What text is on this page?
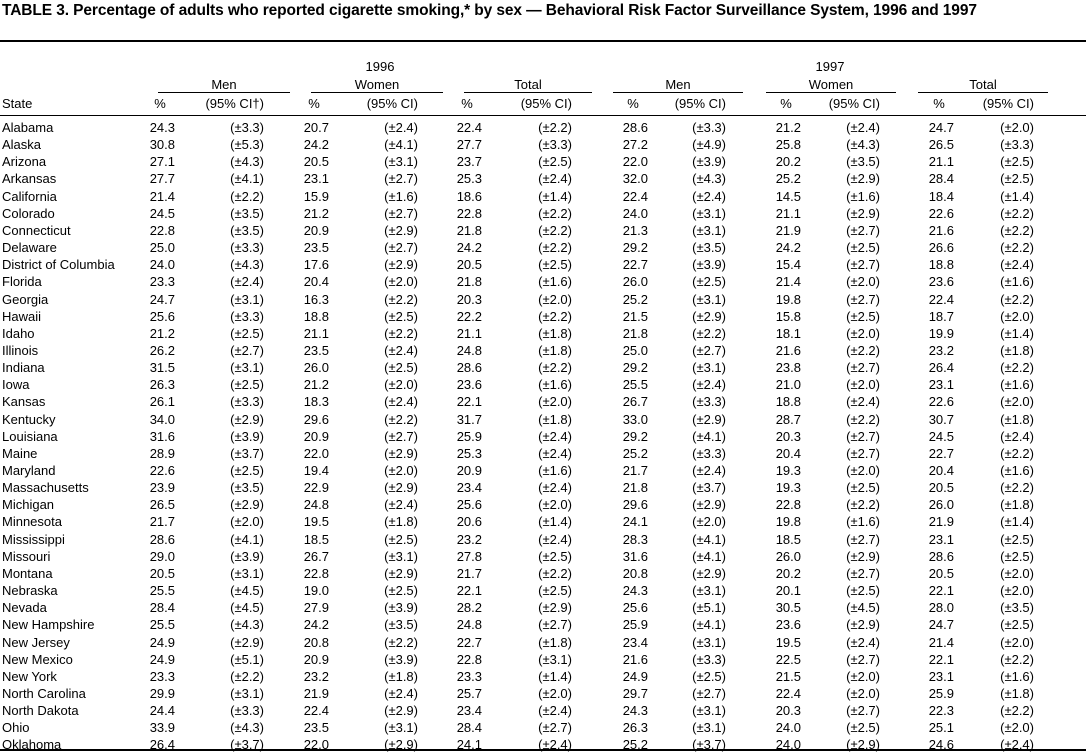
TABLE 3. Percentage of adults who reported cigarette smoking,* by sex — Behavioral Risk Factor Surveillance System, 1996 and 1997
1996	1997
Men	Women	Total	Men	Women	Total
State	%	(95% CI†)	%	(95% CI)	%	(95% CI)	%	(95% CI)	%	(95% CI)	%	(95% CI)
Alabama	24.3	(±3.3)	20.7	(±2.4)	22.4	(±2.2)	28.6	(±3.3)	21.2	(±2.4)	24.7	(±2.0)
Alaska	30.8	(±5.3)	24.2	(±4.1)	27.7	(±3.3)	27.2	(±4.9)	25.8	(±4.3)	26.5	(±3.3)
Arizona	27.1	(±4.3)	20.5	(±3.1)	23.7	(±2.5)	22.0	(±3.9)	20.2	(±3.5)	21.1	(±2.5)
Arkansas	27.7	(±4.1)	23.1	(±2.7)	25.3	(±2.4)	32.0	(±4.3)	25.2	(±2.9)	28.4	(±2.5)
California	21.4	(±2.2)	15.9	(±1.6)	18.6	(±1.4)	22.4	(±2.4)	14.5	(±1.6)	18.4	(±1.4)
Colorado	24.5	(±3.5)	21.2	(±2.7)	22.8	(±2.2)	24.0	(±3.1)	21.1	(±2.9)	22.6	(±2.2)
Connecticut	22.8	(±3.5)	20.9	(±2.9)	21.8	(±2.2)	21.3	(±3.1)	21.9	(±2.7)	21.6	(±2.2)
Delaware	25.0	(±3.3)	23.5	(±2.7)	24.2	(±2.2)	29.2	(±3.5)	24.2	(±2.5)	26.6	(±2.2)
District of Columbia	24.0	(±4.3)	17.6	(±2.9)	20.5	(±2.5)	22.7	(±3.9)	15.4	(±2.7)	18.8	(±2.4)
Florida	23.3	(±2.4)	20.4	(±2.0)	21.8	(±1.6)	26.0	(±2.5)	21.4	(±2.0)	23.6	(±1.6)
Georgia	24.7	(±3.1)	16.3	(±2.2)	20.3	(±2.0)	25.2	(±3.1)	19.8	(±2.7)	22.4	(±2.2)
Hawaii	25.6	(±3.3)	18.8	(±2.5)	22.2	(±2.2)	21.5	(±2.9)	15.8	(±2.5)	18.7	(±2.0)
Idaho	21.2	(±2.5)	21.1	(±2.2)	21.1	(±1.8)	21.8	(±2.2)	18.1	(±2.0)	19.9	(±1.4)
Illinois	26.2	(±2.7)	23.5	(±2.4)	24.8	(±1.8)	25.0	(±2.7)	21.6	(±2.2)	23.2	(±1.8)
Indiana	31.5	(±3.1)	26.0	(±2.5)	28.6	(±2.2)	29.2	(±3.1)	23.8	(±2.7)	26.4	(±2.2)
Iowa	26.3	(±2.5)	21.2	(±2.0)	23.6	(±1.6)	25.5	(±2.4)	21.0	(±2.0)	23.1	(±1.6)
Kansas	26.1	(±3.3)	18.3	(±2.4)	22.1	(±2.0)	26.7	(±3.3)	18.8	(±2.4)	22.6	(±2.0)
Kentucky	34.0	(±2.9)	29.6	(±2.2)	31.7	(±1.8)	33.0	(±2.9)	28.7	(±2.2)	30.7	(±1.8)
Louisiana	31.6	(±3.9)	20.9	(±2.7)	25.9	(±2.4)	29.2	(±4.1)	20.3	(±2.7)	24.5	(±2.4)
Maine	28.9	(±3.7)	22.0	(±2.9)	25.3	(±2.4)	25.2	(±3.3)	20.4	(±2.7)	22.7	(±2.2)
Maryland	22.6	(±2.5)	19.4	(±2.0)	20.9	(±1.6)	21.7	(±2.4)	19.3	(±2.0)	20.4	(±1.6)
Massachusetts	23.9	(±3.5)	22.9	(±2.9)	23.4	(±2.4)	21.8	(±3.7)	19.3	(±2.5)	20.5	(±2.2)
Michigan	26.5	(±2.9)	24.8	(±2.4)	25.6	(±2.0)	29.6	(±2.9)	22.8	(±2.2)	26.0	(±1.8)
Minnesota	21.7	(±2.0)	19.5	(±1.8)	20.6	(±1.4)	24.1	(±2.0)	19.8	(±1.6)	21.9	(±1.4)
Mississippi	28.6	(±4.1)	18.5	(±2.5)	23.2	(±2.4)	28.3	(±4.1)	18.5	(±2.7)	23.1	(±2.5)
Missouri	29.0	(±3.9)	26.7	(±3.1)	27.8	(±2.5)	31.6	(±4.1)	26.0	(±2.9)	28.6	(±2.5)
Montana	20.5	(±3.1)	22.8	(±2.9)	21.7	(±2.2)	20.8	(±2.9)	20.2	(±2.7)	20.5	(±2.0)
Nebraska	25.5	(±4.5)	19.0	(±2.5)	22.1	(±2.5)	24.3	(±3.1)	20.1	(±2.5)	22.1	(±2.0)
Nevada	28.4	(±4.5)	27.9	(±3.9)	28.2	(±2.9)	25.6	(±5.1)	30.5	(±4.5)	28.0	(±3.5)
New Hampshire	25.5	(±4.3)	24.2	(±3.5)	24.8	(±2.7)	25.9	(±4.1)	23.6	(±2.9)	24.7	(±2.5)
New Jersey	24.9	(±2.9)	20.8	(±2.2)	22.7	(±1.8)	23.4	(±3.1)	19.5	(±2.4)	21.4	(±2.0)
New Mexico	24.9	(±5.1)	20.9	(±3.9)	22.8	(±3.1)	21.6	(±3.3)	22.5	(±2.7)	22.1	(±2.2)
New York	23.3	(±2.2)	23.2	(±1.8)	23.3	(±1.4)	24.9	(±2.5)	21.5	(±2.0)	23.1	(±1.6)
North Carolina	29.9	(±3.1)	21.9	(±2.4)	25.7	(±2.0)	29.7	(±2.7)	22.4	(±2.0)	25.9	(±1.8)
North Dakota	24.4	(±3.3)	22.4	(±2.9)	23.4	(±2.4)	24.3	(±3.1)	20.3	(±2.7)	22.3	(±2.2)
Ohio	33.9	(±4.3)	23.5	(±3.1)	28.4	(±2.7)	26.3	(±3.1)	24.0	(±2.5)	25.1	(±2.0)
Oklahoma	26.4	(±3.7)	22.0	(±2.9)	24.1	(±2.4)	25.2	(±3.7)	24.0	(±2.9)	24.6	(±2.4)
